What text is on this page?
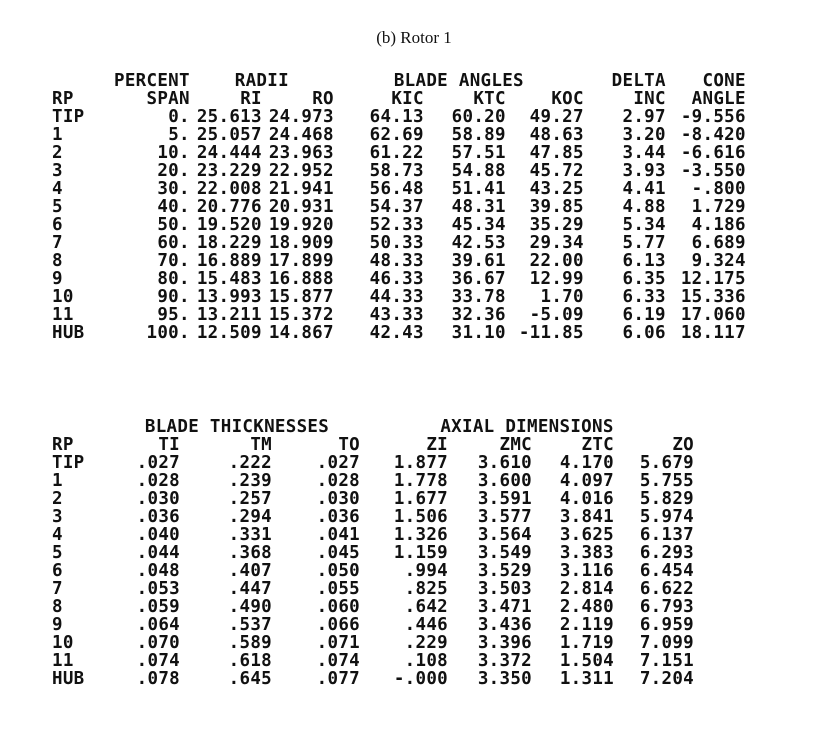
(b) Rotor 1
	PERCENT	RADII		BLADE ANGLES			DELTA	CONE
RP	SPAN	RI	RO	KIC	KTC	KOC	INC	ANGLE
TIP	0.	25.613	24.973	64.13	60.20	49.27	2.97	-9.556
1	5.	25.057	24.468	62.69	58.89	48.63	3.20	-8.420
2	10.	24.444	23.963	61.22	57.51	47.85	3.44	-6.616
3	20.	23.229	22.952	58.73	54.88	45.72	3.93	-3.550
4	30.	22.008	21.941	56.48	51.41	43.25	4.41	-.800
5	40.	20.776	20.931	54.37	48.31	39.85	4.88	1.729
6	50.	19.520	19.920	52.33	45.34	35.29	5.34	4.186
7	60.	18.229	18.909	50.33	42.53	29.34	5.77	6.689
8	70.	16.889	17.899	48.33	39.61	22.00	6.13	9.324
9	80.	15.483	16.888	46.33	36.67	12.99	6.35	12.175
10	90.	13.993	15.877	44.33	33.78	1.70	6.33	15.336
11	95.	13.211	15.372	43.33	32.36	-5.09	6.19	17.060
HUB	100.	12.509	14.867	42.43	31.10	-11.85	6.06	18.117
	BLADE THICKNESSES			AXIAL DIMENSIONS			
RP	TI	TM	TO	ZI	ZMC	ZTC	ZO
TIP	.027	.222	.027	1.877	3.610	4.170	5.679
1	.028	.239	.028	1.778	3.600	4.097	5.755
2	.030	.257	.030	1.677	3.591	4.016	5.829
3	.036	.294	.036	1.506	3.577	3.841	5.974
4	.040	.331	.041	1.326	3.564	3.625	6.137
5	.044	.368	.045	1.159	3.549	3.383	6.293
6	.048	.407	.050	.994	3.529	3.116	6.454
7	.053	.447	.055	.825	3.503	2.814	6.622
8	.059	.490	.060	.642	3.471	2.480	6.793
9	.064	.537	.066	.446	3.436	2.119	6.959
10	.070	.589	.071	.229	3.396	1.719	7.099
11	.074	.618	.074	.108	3.372	1.504	7.151
HUB	.078	.645	.077	-.000	3.350	1.311	7.204
